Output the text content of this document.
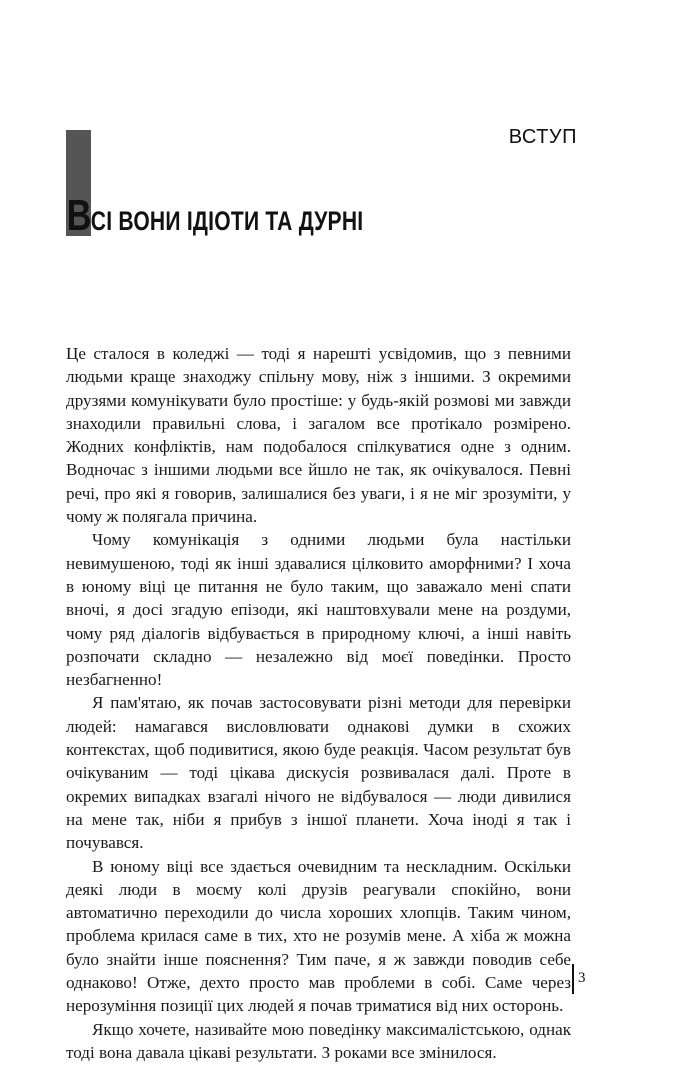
ВСТУП
ВСІ ВОНИ ІДІОТИ ТА ДУРНІ

Це сталося в коледжі — тоді я нарешті усвідомив, що з певними людьми краще знаходжу спільну мову, ніж з іншими. З окремими друзями комунікувати було простіше: у будь-якій розмові ми завжди знаходили правильні слова, і загалом все протікало розмірено. Жодних конфліктів, нам подобалося спілкуватися одне з одним. Водночас з іншими людьми все йшло не так, як очікувалося. Певні речі, про які я говорив, залишалися без уваги, і я не міг зрозуміти, у чому ж полягала причина.

Чому комунікація з одними людьми була настільки невимушеною, тоді як інші здавалися цілковито аморфними? І хоча в юному віці це питання не було таким, що заважало мені спати вночі, я досі згадую епізоди, які наштовхували мене на роздуми, чому ряд діалогів відбувається в природному ключі, а інші навіть розпочати складно — незалежно від моєї поведінки. Просто незбагненно!

Я пам'ятаю, як почав застосовувати різні методи для перевірки людей: намагався висловлювати однакові думки в схожих контекстах, щоб подивитися, якою буде реакція. Часом результат був очікуваним — тоді цікава дискусія розвивалася далі. Проте в окремих випадках взагалі нічого не відбувалося — люди дивилися на мене так, ніби я прибув з іншої планети. Хоча іноді я так і почувався.

В юному віці все здається очевидним та нескладним. Оскільки деякі люди в моєму колі друзів реагували спокійно, вони автоматично переходили до числа хороших хлопців. Таким чином, проблема крилася саме в тих, хто не розумів мене. А хіба ж можна було знайти інше пояснення? Тим паче, я ж завжди поводив себе однаково! Отже, дехто просто мав проблеми в собі. Саме через нерозуміння позиції цих людей я почав триматися від них осторонь.

Якщо хочете, називайте мою поведінку максималістською, однак тоді вона давала цікаві результати. З роками все змінилося.

3
